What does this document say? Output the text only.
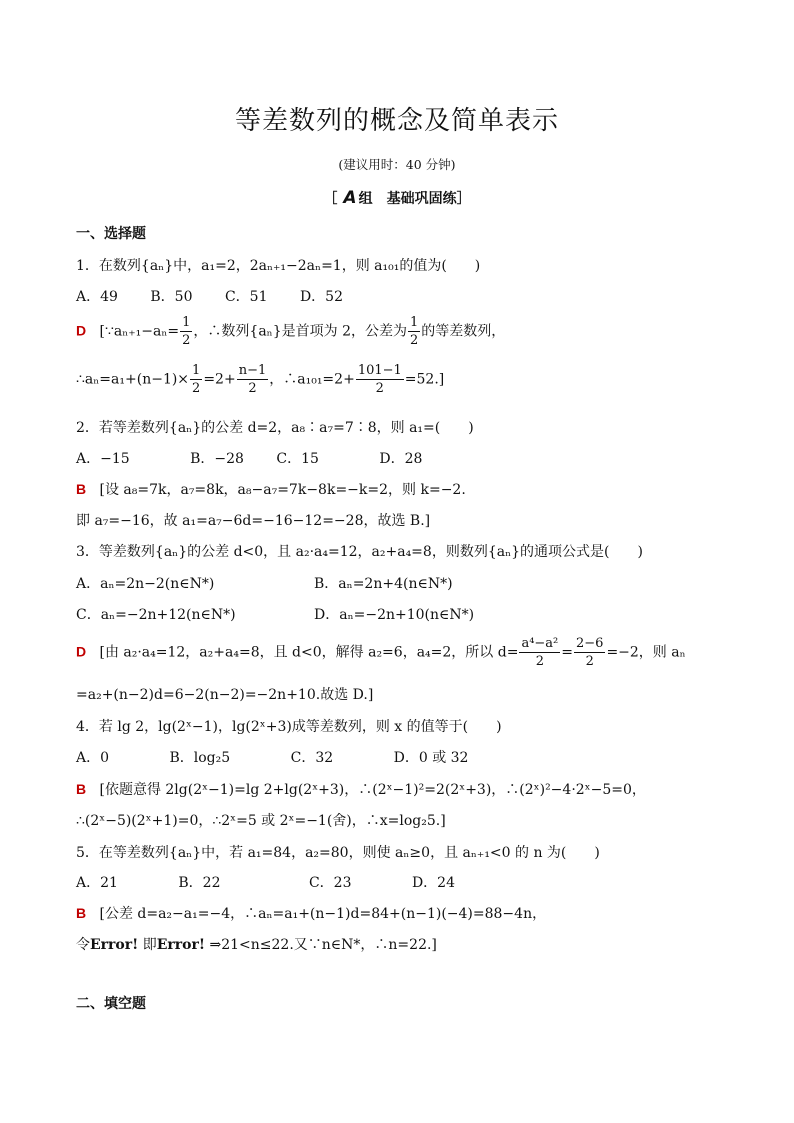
等差数列的概念及简单表示
(建议用时：40 分钟)
［ A 组　基础巩固练］
一、选择题
1．在数列{aₙ}中，a₁=2，2aₙ₊₁−2aₙ=1，则 a₁₀₁的值为(　　)
A．49 B．50 C．51 D．52
D [∵aₙ₊₁−aₙ= $\frac{1}{2}$ ，∴数列{aₙ}是首项为 2，公差为 $\frac{1}{2}$ 的等差数列，
∴aₙ=a₁+(n−1)× $\frac{1}{2} =2+ \frac{n-1}{2}$ ，∴a₁₀₁=2+ $\frac{101-1}{2} =52$.]
2．若等差数列{aₙ}的公差 d=2，a₈∶a₇=7∶8，则 a₁=(　　)
A．−15	B．−28 C．15	D．28
B [设 a₈=7k，a₇=8k，a₈−a₇=7k−8k=−k=2，则 k=−2.
即 a₇=−16，故 a₁=a₇−6d=−16−12=−28，故选 B.]
3．等差数列{aₙ}的公差 d<0，且 a₂·a₄=12，a₂+a₄=8，则数列{aₙ}的通项公式是(　　)
A．aₙ=2n−2(n∈N*)	B．aₙ=2n+4(n∈N*)
C．aₙ=−2n+12(n∈N*)	D．aₙ=−2n+10(n∈N*)
D [由 a₂·a₄=12，a₂+a₄=8，且 d<0，解得 a₂=6，a₄=2，所以 $d= \frac{\text{a⁴−a²}}{2} = \frac{2-6}{2} =-2$，则 aₙ
=a₂+(n−2)d=6−2(n−2)=−2n+10.故选 D.]
4．若 lg 2，lg(2ˣ−1)，lg(2ˣ+3)成等差数列，则 x 的值等于(　　)
A．0	B．log₂5	C．32	D．0 或 32
B [依题意得 2lg(2ˣ−1)=lg 2+lg(2ˣ+3)，∴(2ˣ−1)²=2(2ˣ+3)，∴(2ˣ)²−4·2ˣ−5=0，
∴(2ˣ−5)(2ˣ+1)=0，∴2ˣ=5 或 2ˣ=−1(舍)，∴x=log₂5.]
5．在等差数列{aₙ}中，若 a₁=84，a₂=80，则使 aₙ≥0，且 aₙ₊₁<0 的 n 为(　　)
A．21	B．22	C．23	D．24
B [公差 d=a₂−a₁=−4，∴aₙ=a₁+(n−1)d=84+(n−1)(−4)=88−4n，
令Error! 即Error! ⇒21<n≤22.又∵n∈N*，∴n=22.]
二、填空题
